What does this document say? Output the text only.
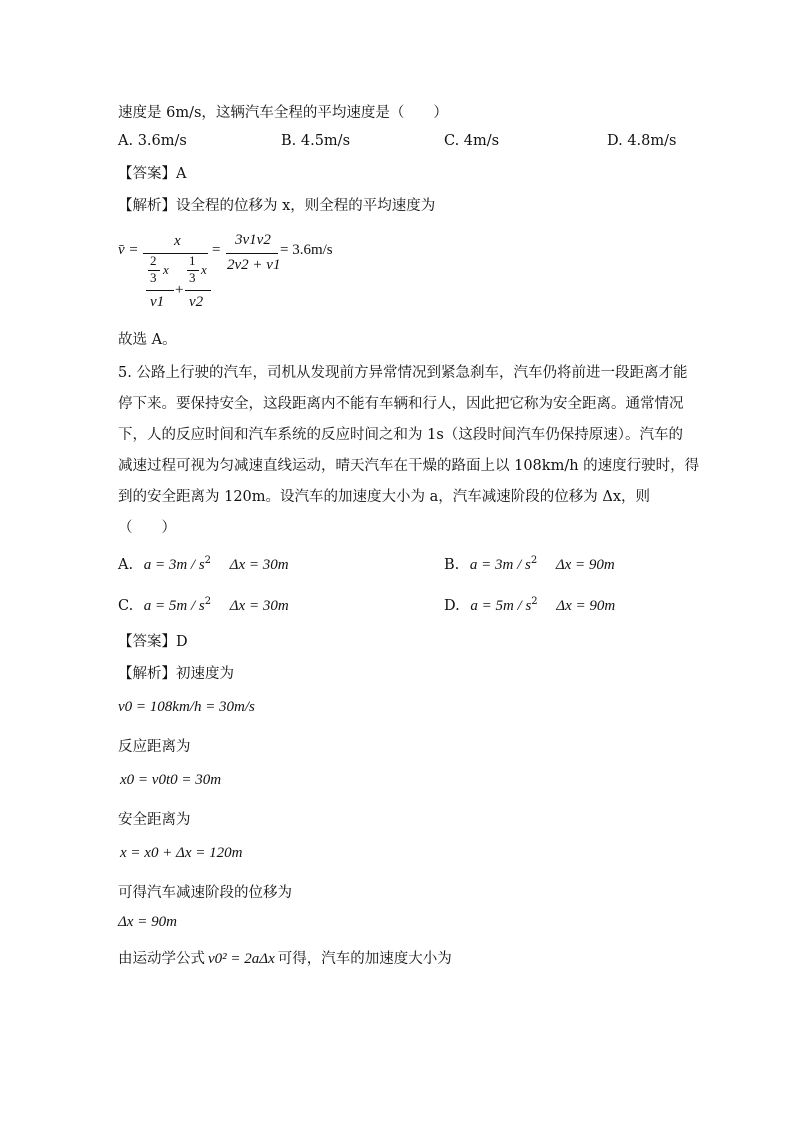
速度是 6m/s，这辆汽车全程的平均速度是（　　）
A. 3.6m/s	B. 4.5m/s	C. 4m/s	D. 4.8m/s
【答案】A
【解析】设全程的位移为 x，则全程的平均速度为
v̄ =
x
2
3
x
v1
+
1
3
x
v2
=
3v1v2
2v2 + v1
= 3.6m/s
故选 A。
5. 公路上行驶的汽车，司机从发现前方异常情况到紧急刹车，汽车仍将前进一段距离才能
停下来。要保持安全，这段距离内不能有车辆和行人，因此把它称为安全距离。通常情况
下，人的反应时间和汽车系统的反应时间之和为 1s（这段时间汽车仍保持原速）。汽车的
减速过程可视为匀减速直线运动，晴天汽车在干燥的路面上以 108km/h 的速度行驶时，得
到的安全距离为 120m。设汽车的加速度大小为 a，汽车减速阶段的位移为 Δx，则
（　　）
A. $a = 3m / s^2$ Δx = 30m	B. $a = 3m / s^2$ Δx = 90m
C. $a = 5m / s^2$ Δx = 30m	D. $a = 5m / s^2$ Δx = 90m
【答案】D
【解析】初速度为
v0 = 108km/h = 30m/s
反应距离为
x0 = v0t0 = 30m
安全距离为
x = x0 + Δx = 120m
可得汽车减速阶段的位移为
Δx = 90m
由运动学公式 v0² = 2aΔx 可得，汽车的加速度大小为
